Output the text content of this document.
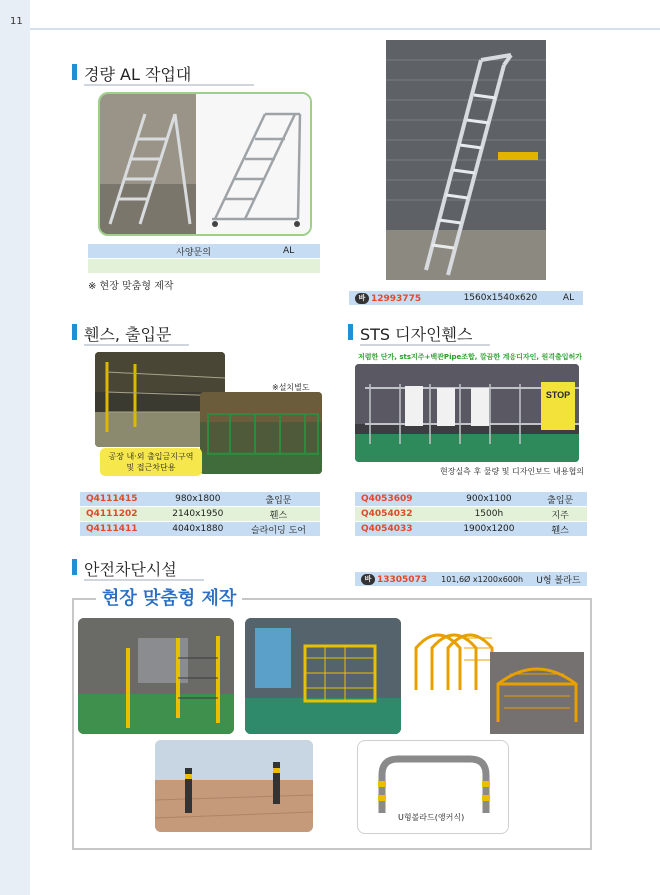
11
경량 AL 작업대
	사양문의	AL

※ 현장 맞춤형 제작
바 12993775	1560x1540x620	AL
휀스, 출입문
※설치별도
공장 내·외 출입금지구역
및 접근차단용
Q4111415	980x1800	출입문
Q4111202	2140x1950	휀스
Q4111411	4040x1880	슬라이딩 도어
STS 디자인휀스
저렴한 단가, sts지주+백관Pipe조합, 깔끔한 계응디자인, 원격출입허가
STOP
현장실측 후 물량 및 디자인보드 내용협의
Q4053609	900x1100	출입문
Q4054032	1500h	지주
Q4054033	1900x1200	휀스
안전차단시설	바 13305073	101,6Ø x1200x600h	U형 볼라드
현장 맞춤형 제작
U형볼라드(앵커식)
